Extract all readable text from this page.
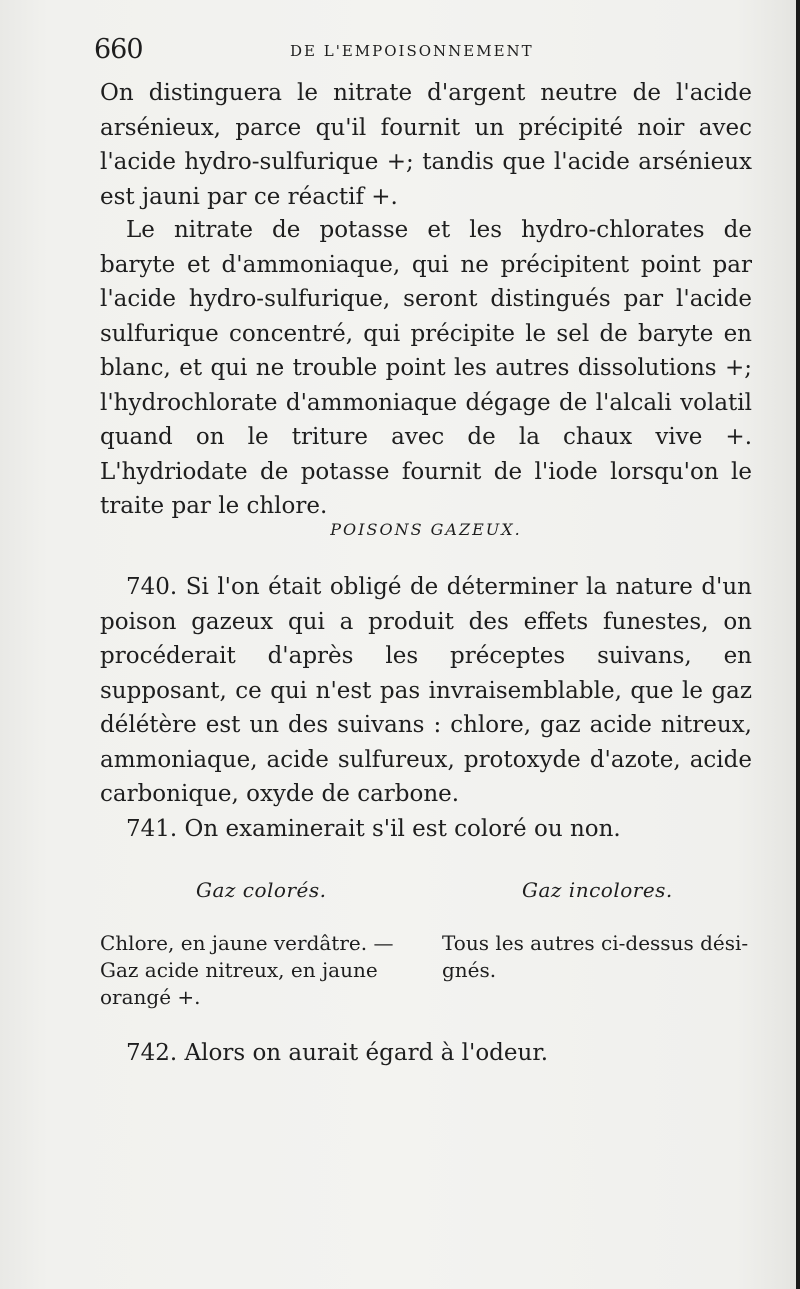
660	DE L'EMPOISONNEMENT
On distinguera le nitrate d'argent neutre de l'acide arsénieux, parce qu'il fournit un précipité noir avec l'acide hydro-sulfurique +; tandis que l'acide arsénieux est jauni par ce réactif +.
Le nitrate de potasse et les hydro-chlorates de baryte et d'ammoniaque, qui ne précipitent point par l'acide hydro-sulfurique, seront distingués par l'acide sulfurique concentré, qui précipite le sel de baryte en blanc, et qui ne trouble point les autres dissolutions +; l'hydrochlorate d'ammoniaque dégage de l'alcali volatil quand on le triture avec de la chaux vive +. L'hydriodate de potasse fournit de l'iode lorsqu'on le traite par le chlore.
POISONS GAZEUX.
740. Si l'on était obligé de déterminer la nature d'un poison gazeux qui a produit des effets funestes, on procéderait d'après les préceptes suivans, en supposant, ce qui n'est pas invraisemblable, que le gaz délétère est un des suivans : chlore, gaz acide nitreux, ammoniaque, acide sulfureux, protoxyde d'azote, acide carbonique, oxyde de carbone.
741. On examinerait s'il est coloré ou non.
Gaz colorés.	Gaz incolores.
Chlore, en jaune verdâtre. —
Gaz acide nitreux, en jaune
orangé +.
Tous les autres ci-dessus dési-
gnés.
742. Alors on aurait égard à l'odeur.
